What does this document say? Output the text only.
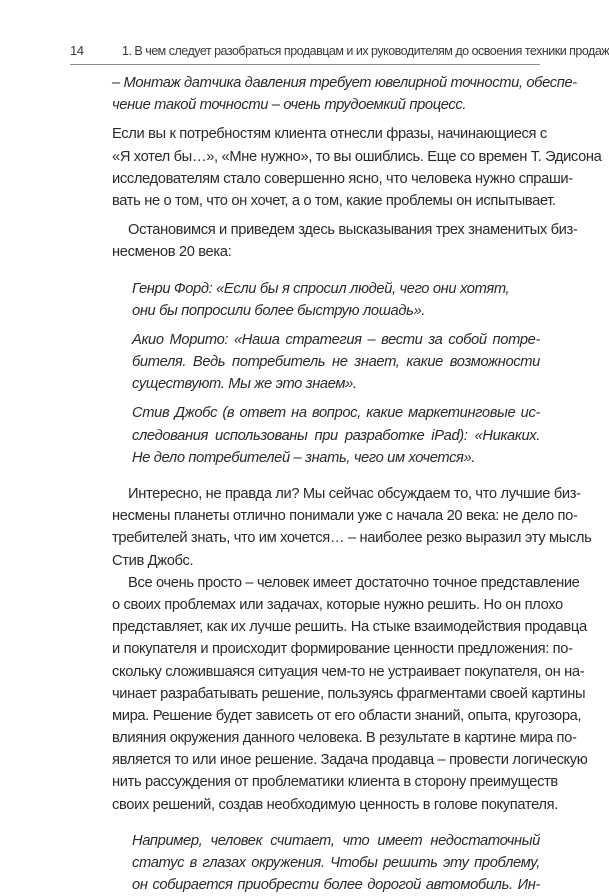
14	1. В чем следует разобраться продавцам и их руководителям до освоения техники продаж
– Монтаж датчика давления требует ювелирной точности, обеспе-
чение такой точности – очень трудоемкий процесс.
Если вы к потребностям клиента отнесли фразы, начинающиеся с
«Я хотел бы…», «Мне нужно», то вы ошиблись. Еще со времен Т. Эдисона
исследователям стало совершенно ясно, что человека нужно спраши-
вать не о том, что он хочет, а о том, какие проблемы он испытывает.
Остановимся и приведем здесь высказывания трех знаменитых биз-
несменов 20 века:
Генри Форд: «Если бы я спросил людей, чего они хотят,
они бы попросили более быструю лошадь».
Акио Морито: «Наша стратегия – вести за собой потре-
бителя. Ведь потребитель не знает, какие возможности
существуют. Мы же это знаем».
Стив Джобс (в ответ на вопрос, какие маркетинговые ис-
следования использованы при разработке iPad): «Никаких.
Не дело потребителей – знать, чего им хочется».
Интересно, не правда ли? Мы сейчас обсуждаем то, что лучшие биз-
несмены планеты отлично понимали уже с начала 20 века: не дело по-
требителей знать, что им хочется… – наиболее резко выразил эту мысль
Стив Джобс.
Все очень просто – человек имеет достаточно точное представление
о своих проблемах или задачах, которые нужно решить. Но он плохо
представляет, как их лучше решить. На стыке взаимодействия продавца
и покупателя и происходит формирование ценности предложения: по-
скольку сложившаяся ситуация чем-то не устраивает покупателя, он на-
чинает разрабатывать решение, пользуясь фрагментами своей картины
мира. Решение будет зависеть от его области знаний, опыта, кругозора,
влияния окружения данного человека. В результате в картине мира по-
является то или иное решение. Задача продавца – провести логическую
нить рассуждения от проблематики клиента в сторону преимуществ
своих решений, создав необходимую ценность в голове покупателя.
Например, человек считает, что имеет недостаточный
статус в глазах окружения. Чтобы решить эту проблему,
он собирается приобрести более дорогой автомобиль. Ин-
